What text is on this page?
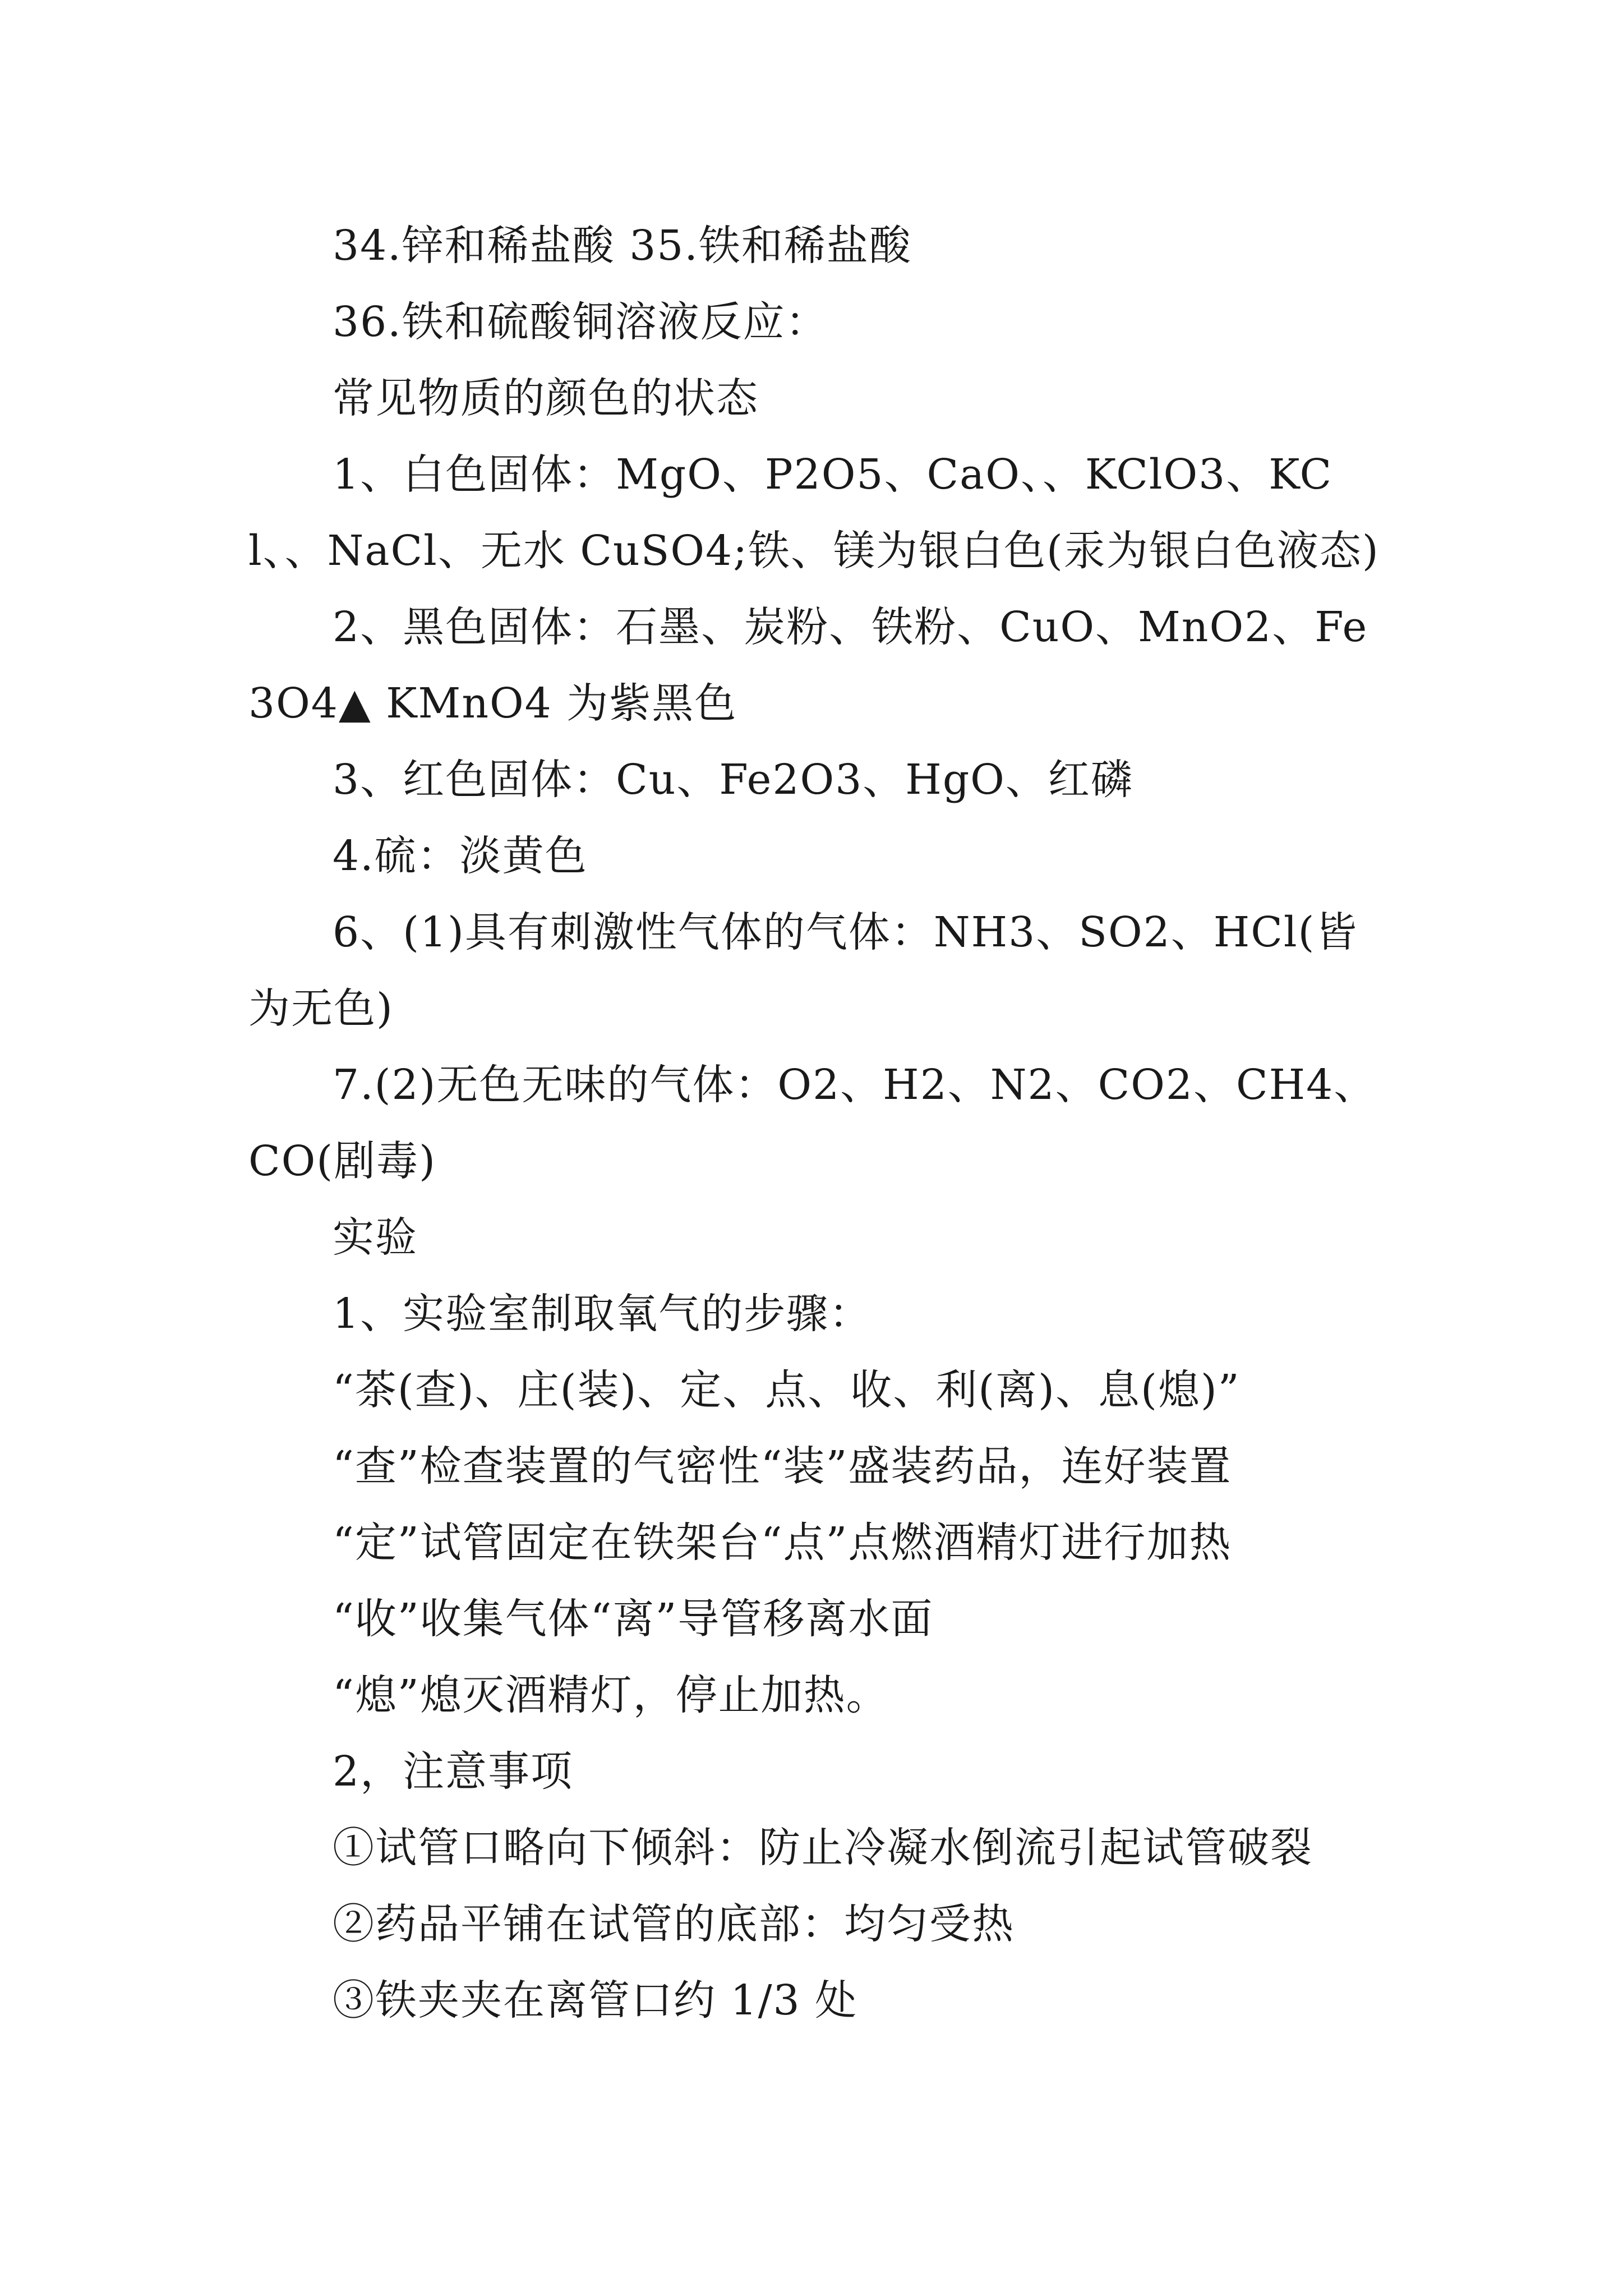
34.锌和稀盐酸 35.铁和稀盐酸

36.铁和硫酸铜溶液反应：

常见物质的颜色的状态

1、白色固体：MgO、P2O5、CaO、、KClO3、KCl、、NaCl、无水 CuSO4;铁、镁为银白色(汞为银白色液态)

2、黑色固体：石墨、炭粉、铁粉、CuO、MnO2、Fe3O4▲ KMnO4 为紫黑色

3、红色固体：Cu、Fe2O3、HgO、红磷

4.硫：淡黄色

6、(1)具有刺激性气体的气体：NH3、SO2、HCl(皆为无色)

7.(2)无色无味的气体：O2、H2、N2、CO2、CH4、CO(剧毒)

实验

1、实验室制取氧气的步骤：

“茶(查)、庄(装)、定、点、收、利(离)、息(熄)”

“查”检查装置的气密性“装”盛装药品，连好装置

“定”试管固定在铁架台“点”点燃酒精灯进行加热

“收”收集气体“离”导管移离水面

“熄”熄灭酒精灯，停止加热。

2，注意事项

①试管口略向下倾斜：防止冷凝水倒流引起试管破裂

②药品平铺在试管的底部：均匀受热

③铁夹夹在离管口约 1/3 处
